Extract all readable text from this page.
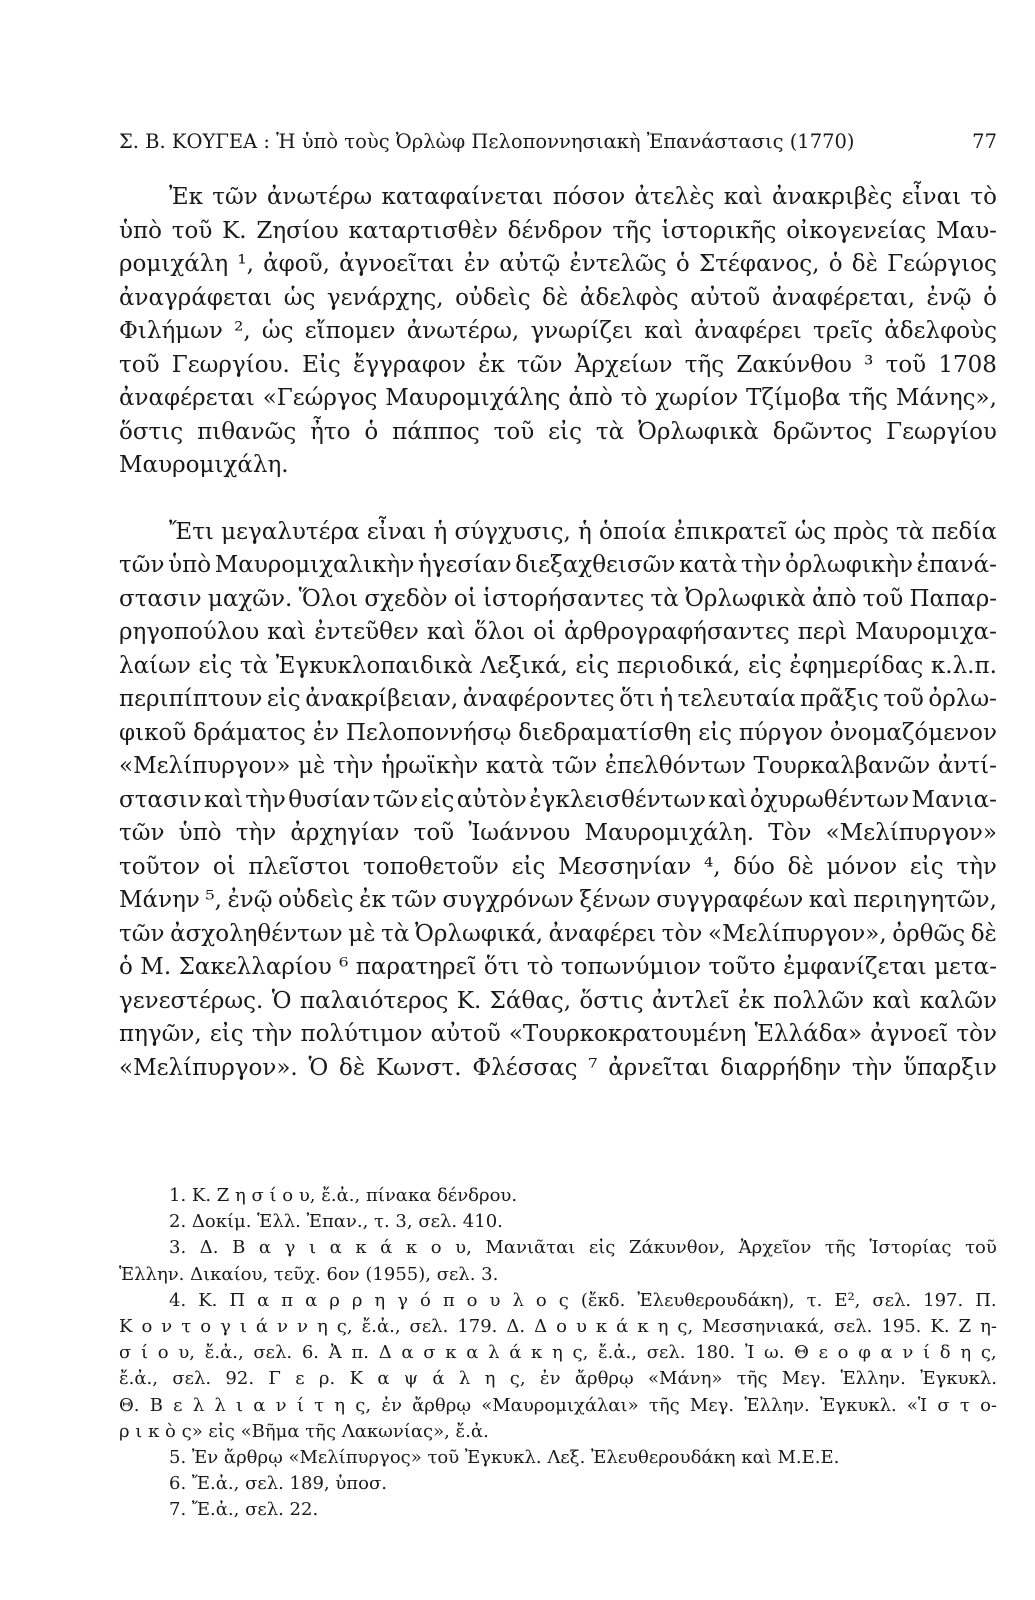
Σ. Β. ΚΟΥΓΕΑ : Ἡ ὑπὸ τοὺς Ὀρλὼφ Πελοποννησιακὴ Ἐπανάστασις (1770)	77
Ἐκ τῶν ἀνωτέρω καταφαίνεται πόσον ἀτελὲς καὶ ἀνακριβὲς εἶναι τὸ
ὑπὸ τοῦ Κ. Ζησίου καταρτισθὲν δένδρον τῆς ἱστορικῆς οἰκογενείας Μαυ-
ρομιχάλη ¹, ἀφοῦ, ἀγνοεῖται ἐν αὐτῷ ἐντελῶς ὁ Στέφανος, ὁ δὲ Γεώργιος
ἀναγράφεται ὡς γενάρχης, οὐδεὶς δὲ ἀδελφὸς αὐτοῦ ἀναφέρεται, ἐνῷ ὁ
Φιλήμων ², ὡς εἴπομεν ἀνωτέρω, γνωρίζει καὶ ἀναφέρει τρεῖς ἀδελφοὺς
τοῦ Γεωργίου. Εἰς ἔγγραφον ἐκ τῶν Ἀρχείων τῆς Ζακύνθου ³ τοῦ 1708
ἀναφέρεται «Γεώργος Μαυρομιχάλης ἀπὸ τὸ χωρίον Τζίμοβα τῆς Μάνης»,
ὅστις πιθανῶς ἦτο ὁ πάππος τοῦ εἰς τὰ Ὀρλωφικὰ δρῶντος Γεωργίου
Μαυρομιχάλη.
Ἔτι μεγαλυτέρα εἶναι ἡ σύγχυσις, ἡ ὁποία ἐπικρατεῖ ὡς πρὸς τὰ πεδία
τῶν ὑπὸ Μαυρομιχαλικὴν ἡγεσίαν διεξαχθεισῶν κατὰ τὴν ὀρλωφικὴν ἐπανά-
στασιν μαχῶν. Ὅλοι σχεδὸν οἱ ἱστορήσαντες τὰ Ὀρλωφικὰ ἀπὸ τοῦ Παπαρ-
ρηγοπούλου καὶ ἐντεῦθεν καὶ ὅλοι οἱ ἀρθρογραφήσαντες περὶ Μαυρομιχα-
λαίων εἰς τὰ Ἐγκυκλοπαιδικὰ Λεξικά, εἰς περιοδικά, εἰς ἐφημερίδας κ.λ.π.
περιπίπτουν εἰς ἀνακρίβειαν, ἀναφέροντες ὅτι ἡ τελευταία πρᾶξις τοῦ ὀρλω-
φικοῦ δράματος ἐν Πελοποννήσῳ διεδραματίσθη εἰς πύργον ὀνομαζόμενον
«Μελίπυργον» μὲ τὴν ἡρωϊκὴν κατὰ τῶν ἐπελθόντων Τουρκαλβανῶν ἀντί-
στασιν καὶ τὴν θυσίαν τῶν εἰς αὐτὸν ἐγκλεισθέντων καὶ ὀχυρωθέντων Μανια-
τῶν ὑπὸ τὴν ἀρχηγίαν τοῦ Ἰωάννου Μαυρομιχάλη. Τὸν «Μελίπυργον»
τοῦτον οἱ πλεῖστοι τοποθετοῦν εἰς Μεσσηνίαν ⁴, δύο δὲ μόνον εἰς τὴν
Μάνην ⁵, ἐνῷ οὐδεὶς ἐκ τῶν συγχρόνων ξένων συγγραφέων καὶ περιηγητῶν,
τῶν ἀσχοληθέντων μὲ τὰ Ὀρλωφικά, ἀναφέρει τὸν «Μελίπυργον», ὀρθῶς δὲ
ὁ Μ. Σακελλαρίου ⁶ παρατηρεῖ ὅτι τὸ τοπωνύμιον τοῦτο ἐμφανίζεται μετα-
γενεστέρως. Ὁ παλαιότερος Κ. Σάθας, ὅστις ἀντλεῖ ἐκ πολλῶν καὶ καλῶν
πηγῶν, εἰς τὴν πολύτιμον αὐτοῦ «Τουρκοκρατουμένη Ἑλλάδα» ἀγνοεῖ τὸν
«Μελίπυργον». Ὁ δὲ Κωνστ. Φλέσσας ⁷ ἀρνεῖται διαρρήδην τὴν ὕπαρξιν
1. Κ. Ζ η σ ί ο υ, ἔ.ἀ., πίνακα δένδρου.
2. Δοκίμ. Ἑλλ. Ἐπαν., τ. 3, σελ. 410.
3. Δ. Β α γ ι α κ ά κ ο υ, Μανιᾶται εἰς Ζάκυνθον, Ἀρχεῖον τῆς Ἱστορίας τοῦ
Ἑλλην. Δικαίου, τεῦχ. 6ον (1955), σελ. 3.
4. Κ. Π α π α ρ ρ η γ ό π ο υ λ ο ς (ἔκδ. Ἐλευθερουδάκη), τ. Ε², σελ. 197. Π.
Κ ο ν τ ο γ ι ά ν ν η ς, ἔ.ἀ., σελ. 179. Δ. Δ ο υ κ ά κ η ς, Μεσσηνιακά, σελ. 195. Κ. Ζ η-
σ ί ο υ, ἔ.ἀ., σελ. 6. Ἀ π. Δ α σ κ α λ ά κ η ς, ἔ.ἀ., σελ. 180. Ἰ ω. Θ ε ο φ α ν ί δ η ς,
ἔ.ἀ., σελ. 92. Γ ε ρ. Κ α ψ ά λ η ς, ἐν ἄρθρῳ «Μάνη» τῆς Μεγ. Ἑλλην. Ἐγκυκλ.
Θ. Β ε λ λ ι α ν ί τ η ς, ἐν ἄρθρῳ «Μαυρομιχάλαι» τῆς Μεγ. Ἑλλην. Ἐγκυκλ. «Ἱ σ τ ο-
ρ ι κ ὸ ς» εἰς «Βῆμα τῆς Λακωνίας», ἔ.ἀ.
5. Ἐν ἄρθρῳ «Μελίπυργος» τοῦ Ἐγκυκλ. Λεξ. Ἐλευθερουδάκη καὶ Μ.Ε.Ε.
6. Ἔ.ἀ., σελ. 189, ὑποσ.
7. Ἔ.ἀ., σελ. 22.
